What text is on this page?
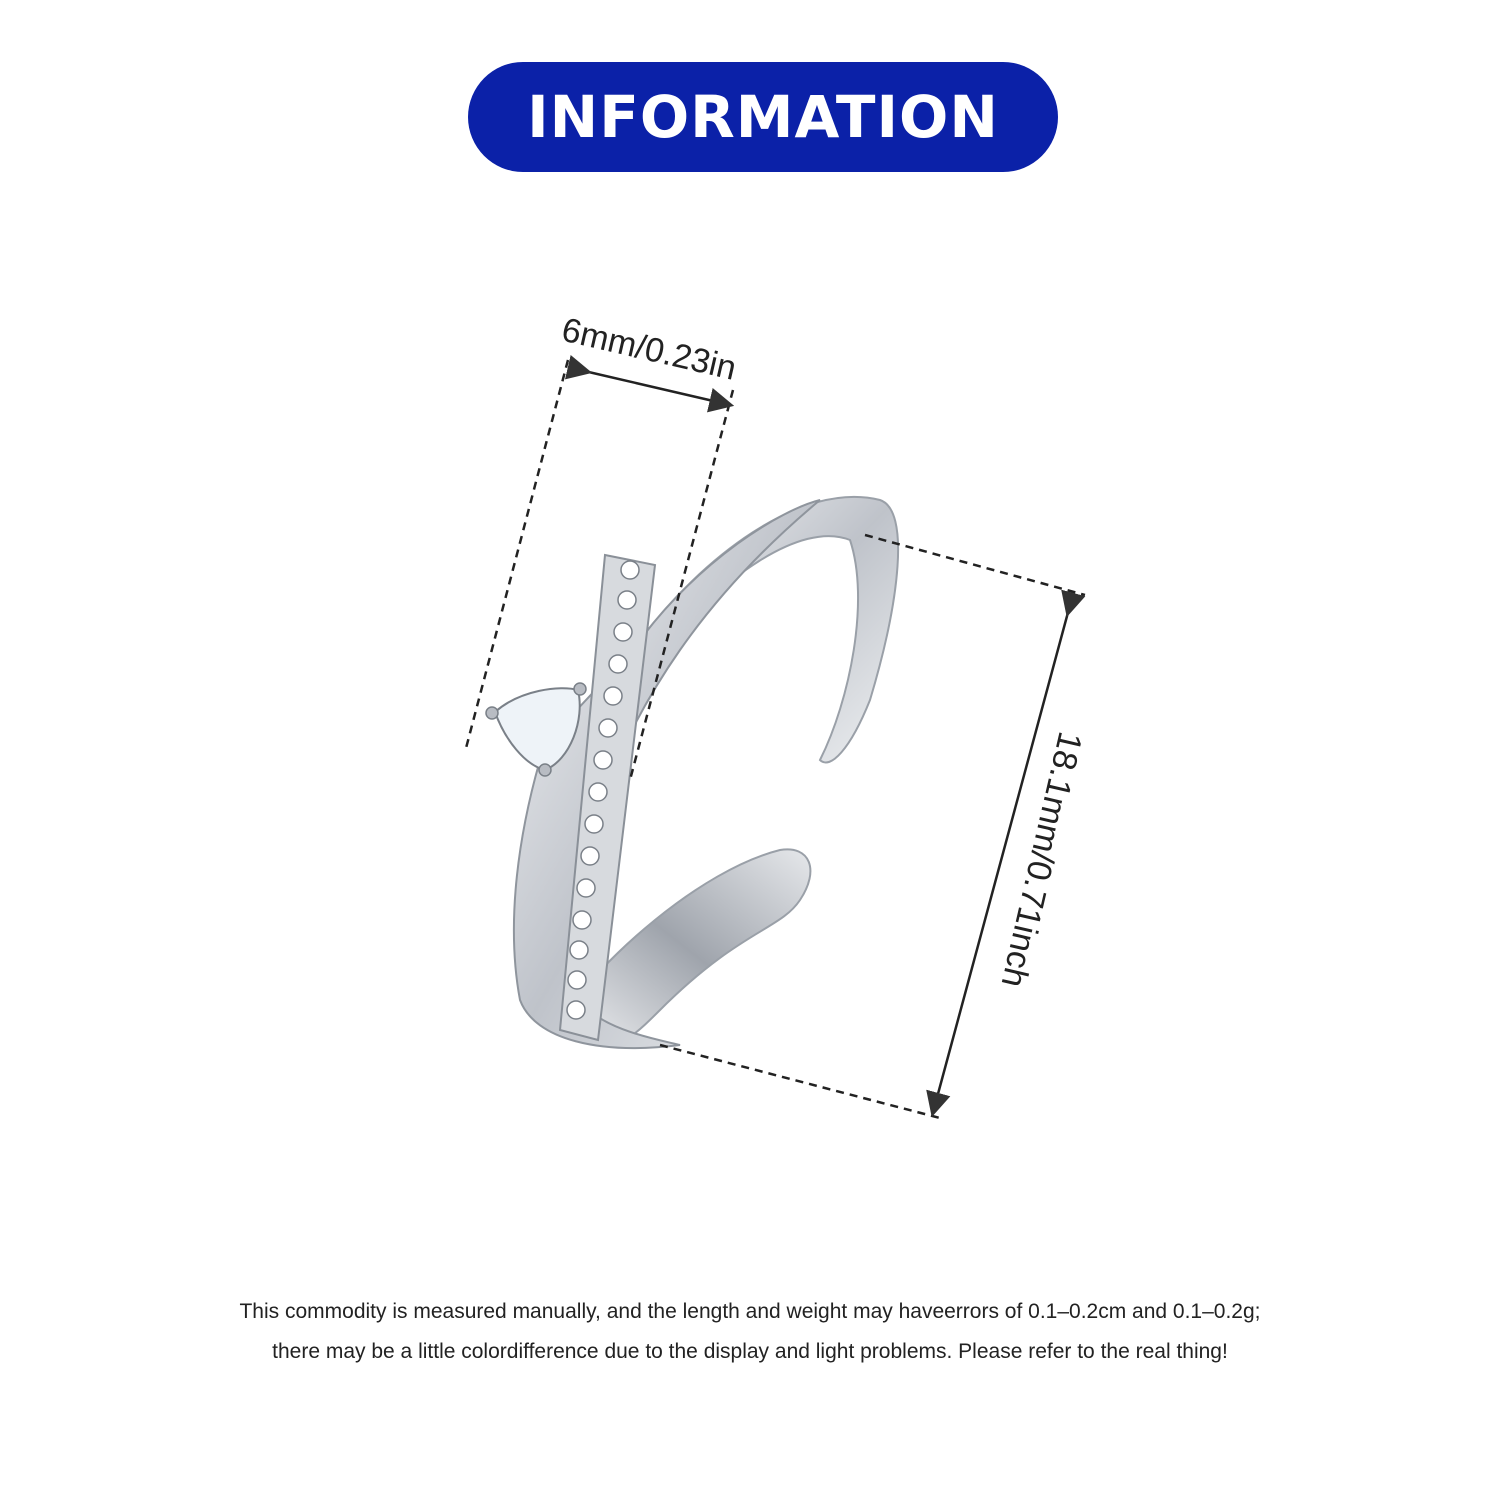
INFORMATION
6mm/0.23in
18.1mm/0.71inch
This commodity is measured manually, and the length and weight may haveerrors of 0.1–0.2cm and 0.1–0.2g;
there may be a little colordifference due to the display and light problems. Please refer to the real thing!
